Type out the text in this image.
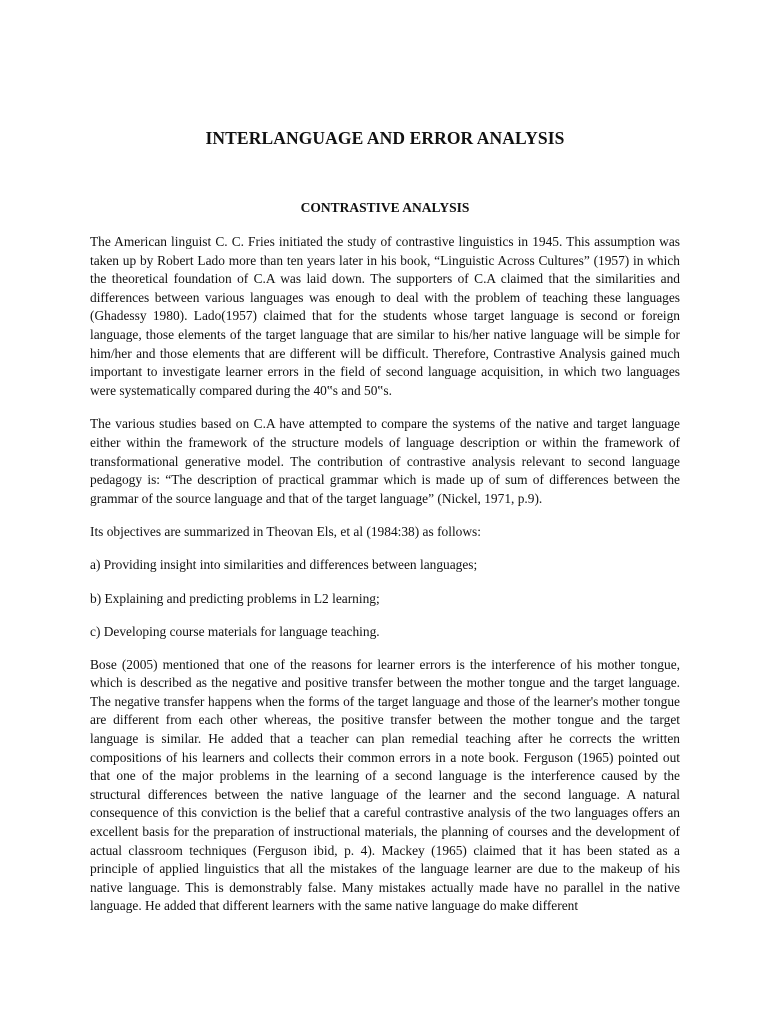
INTERLANGUAGE AND ERROR ANALYSIS
CONTRASTIVE ANALYSIS

The American linguist C. C. Fries initiated the study of contrastive linguistics in 1945. This assumption was taken up by Robert Lado more than ten years later in his book, “Linguistic Across Cultures” (1957) in which the theoretical foundation of C.A was laid down. The supporters of C.A claimed that the similarities and differences between various languages was enough to deal with the problem of teaching these languages (Ghadessy 1980). Lado(1957) claimed that for the students whose target language is second or foreign language, those elements of the target language that are similar to his/her native language will be simple for him/her and those elements that are different will be difficult. Therefore, Contrastive Analysis gained much important to investigate learner errors in the field of second language acquisition, in which two languages were systematically compared during the 40‟s and 50‟s.

The various studies based on C.A have attempted to compare the systems of the native and target language either within the framework of the structure models of language description or within the framework of transformational generative model. The contribution of contrastive analysis relevant to second language pedagogy is: “The description of practical grammar which is made up of sum of differences between the grammar of the source language and that of the target language” (Nickel, 1971, p.9).

Its objectives are summarized in Theovan Els, et al (1984:38) as follows:

a) Providing insight into similarities and differences between languages;

b) Explaining and predicting problems in L2 learning;

c) Developing course materials for language teaching.

Bose (2005) mentioned that one of the reasons for learner errors is the interference of his mother tongue, which is described as the negative and positive transfer between the mother tongue and the target language. The negative transfer happens when the forms of the target language and those of the learner's mother tongue are different from each other whereas, the positive transfer between the mother tongue and the target language is similar. He added that a teacher can plan remedial teaching after he corrects the written compositions of his learners and collects their common errors in a note book. Ferguson (1965) pointed out that one of the major problems in the learning of a second language is the interference caused by the structural differences between the native language of the learner and the second language. A natural consequence of this conviction is the belief that a careful contrastive analysis of the two languages offers an excellent basis for the preparation of instructional materials, the planning of courses and the development of actual classroom techniques (Ferguson ibid, p. 4). Mackey (1965) claimed that it has been stated as a principle of applied linguistics that all the mistakes of the language learner are due to the makeup of his native language. This is demonstrably false. Many mistakes actually made have no parallel in the native language. He added that different learners with the same native language do make different
